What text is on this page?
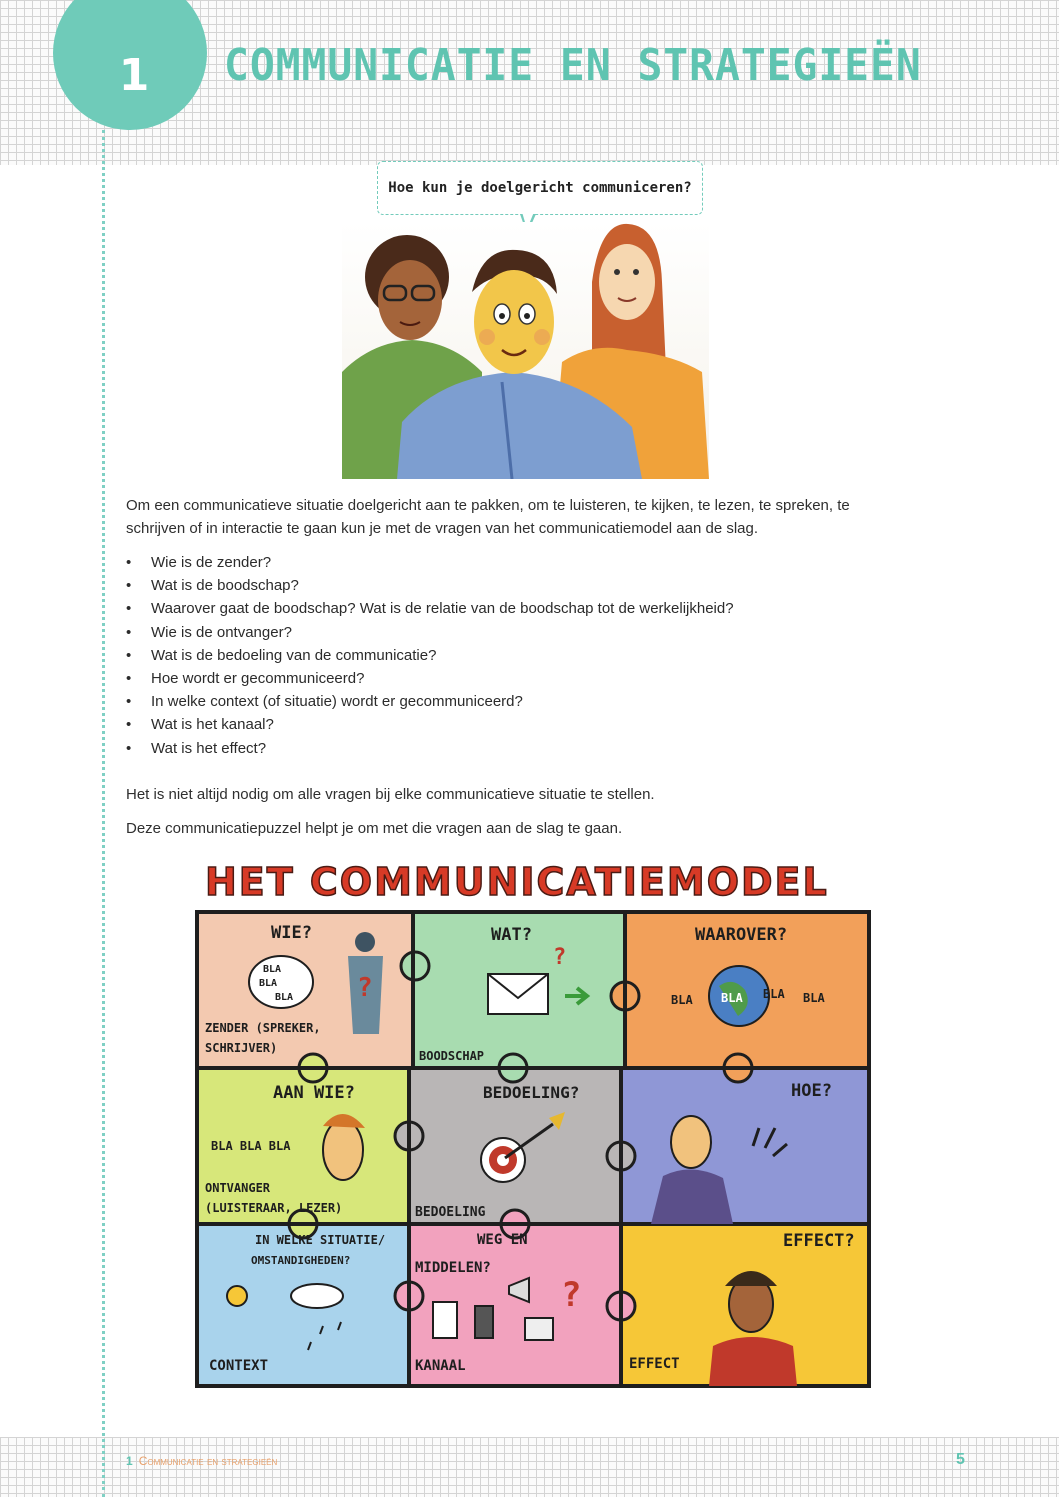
1 COMMUNICATIE EN STRATEGIEËN
Hoe kun je doelgericht communiceren?

Om een communicatieve situatie doelgericht aan te pakken, om te luisteren, te kijken, te lezen, te spreken, te schrijven of in interactie te gaan kun je met de vragen van het communicatiemodel aan de slag.

• Wie is de zender?
• Wat is de boodschap?
• Waarover gaat de boodschap? Wat is de relatie van de boodschap tot de werkelijkheid?
• Wie is de ontvanger?
• Wat is de bedoeling van de communicatie?
• Hoe wordt er gecommuniceerd?
• In welke context (of situatie) wordt er gecommuniceerd?
• Wat is het kanaal?
• Wat is het effect?

Het is niet altijd nodig om alle vragen bij elke communicatieve situatie te stellen.

Deze communicatiepuzzel helpt je om met die vragen aan de slag te gaan.

HET COMMUNICATIEMODEL
WIE?
BLA
BLA
BLA ?
ZENDER (SPREKER,
SCHRIJVER)
WAT?
?
BOODSCHAP
WAAROVER?
BLA BLA BLA BLA
AAN WIE?
BLA BLA BLA
ONTVANGER
(LUISTERAAR, LEZER)
BEDOELING?
BEDOELING
HOE?
IN WELKE SITUATIE/
OMSTANDIGHEDEN?
CONTEXT
WEG EN
MIDDELEN?
?
KANAAL
EFFECT?
EFFECT
1 Communicatie en strategieën	5
